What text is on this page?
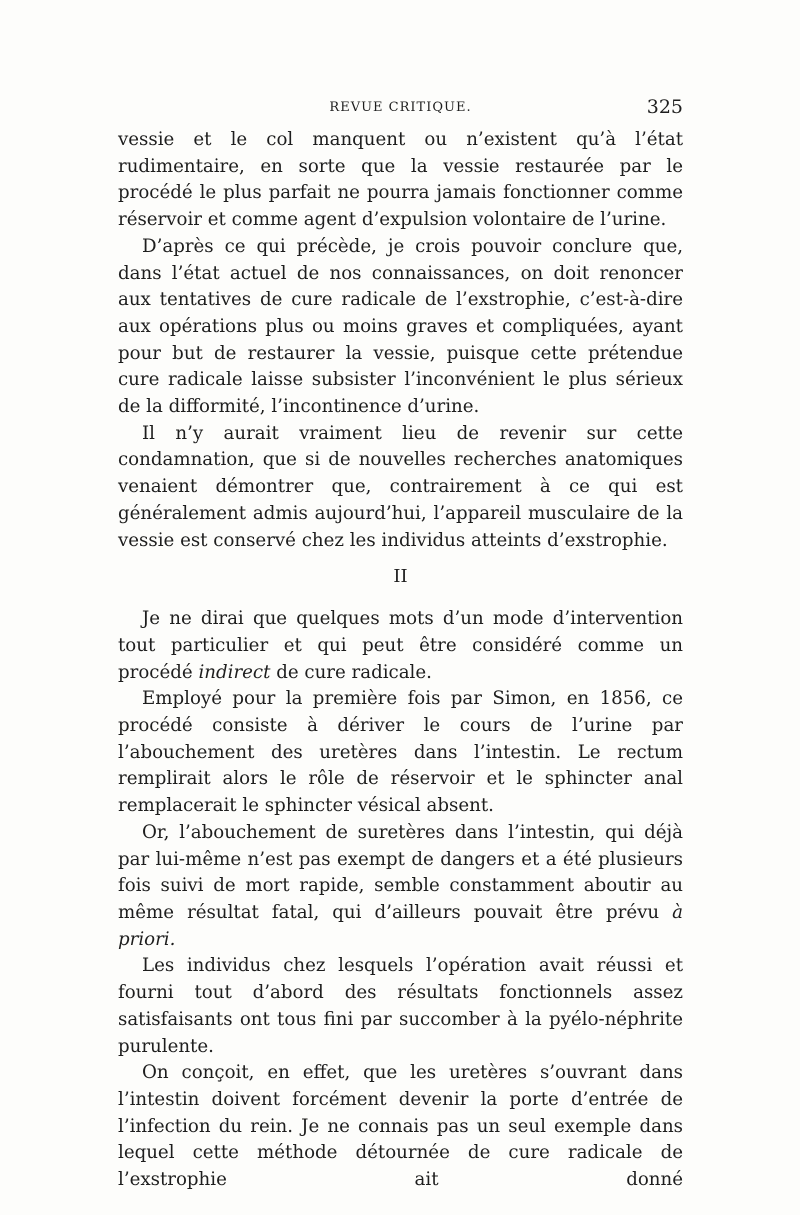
REVUE CRITIQUE.	325

vessie et le col manquent ou n’existent qu’à l’état rudimentaire, en sorte que la vessie restaurée par le procédé le plus parfait ne pourra jamais fonctionner comme réservoir et comme agent d’expulsion volontaire de l’urine.

D’après ce qui précède, je crois pouvoir conclure que, dans l’état actuel de nos connaissances, on doit renoncer aux tentatives de cure radicale de l’exstrophie, c’est-à-dire aux opérations plus ou moins graves et compliquées, ayant pour but de restaurer la vessie, puisque cette prétendue cure radicale laisse subsister l’inconvénient le plus sérieux de la difformité, l’incontinence d’urine.

Il n’y aurait vraiment lieu de revenir sur cette condamnation, que si de nouvelles recherches anatomiques venaient démontrer que, contrairement à ce qui est généralement admis aujourd’hui, l’appareil musculaire de la vessie est conservé chez les individus atteints d’exstrophie.

II

Je ne dirai que quelques mots d’un mode d’intervention tout particulier et qui peut être considéré comme un procédé indirect de cure radicale.

Employé pour la première fois par Simon, en 1856, ce procédé consiste à dériver le cours de l’urine par l’abouchement des uretères dans l’intestin. Le rectum remplirait alors le rôle de réservoir et le sphincter anal remplacerait le sphincter vésical absent.

Or, l’abouchement de suretères dans l’intestin, qui déjà par lui-même n’est pas exempt de dangers et a été plusieurs fois suivi de mort rapide, semble constamment aboutir au même résultat fatal, qui d’ailleurs pouvait être prévu à priori.

Les individus chez lesquels l’opération avait réussi et fourni tout d’abord des résultats fonctionnels assez satisfaisants ont tous fini par succomber à la pyélo-néphrite purulente.

On conçoit, en effet, que les uretères s’ouvrant dans l’intestin doivent forcément devenir la porte d’entrée de l’infection du rein. Je ne connais pas un seul exemple dans lequel cette méthode détournée de cure radicale de l’exstrophie ait donné
